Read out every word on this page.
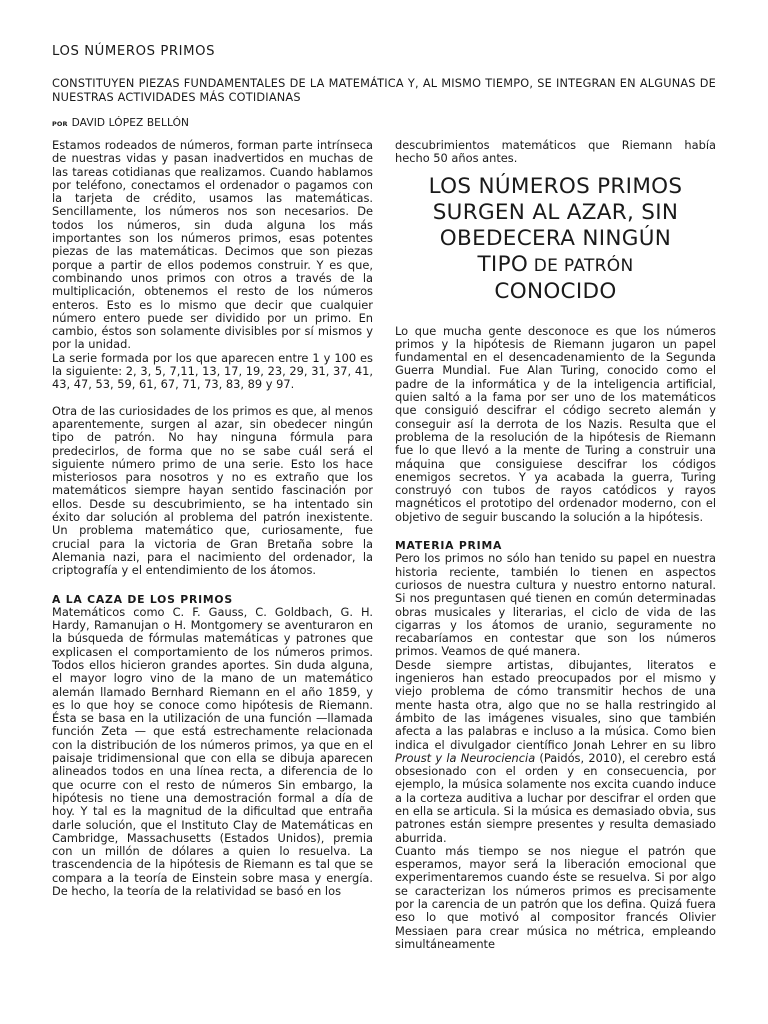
LOS NÚMEROS PRIMOS

CONSTITUYEN PIEZAS FUNDAMENTALES DE LA MATEMÁTICA Y, AL MISMO TIEMPO, SE INTEGRAN EN ALGUNAS DE NUESTRAS ACTIVIDADES MÁS COTIDIANAS

POR DAVID LÓPEZ BELLÓN

Estamos rodeados de números, forman parte intrínseca de nuestras vidas y pasan inadvertidos en muchas de las tareas cotidianas que realizamos. Cuando hablamos por teléfono, conectamos el ordenador o pagamos con la tarjeta de crédito, usamos las matemáticas. Sencillamente, los números nos son necesarios. De todos los números, sin duda alguna los más importantes son los números primos, esas potentes piezas de las matemáticas. Decimos que son piezas porque a partir de ellos podemos construir. Y es que, combinando unos primos con otros a través de la multiplicación, obtenemos el resto de los números enteros. Esto es lo mismo que decir que cualquier número entero puede ser dividido por un primo. En cambio, éstos son solamente divisibles por sí mismos y por la unidad.

La serie formada por los que aparecen entre 1 y 100 es la siguiente: 2, 3, 5, 7,11, 13, 17, 19, 23, 29, 31, 37, 41, 43, 47, 53, 59, 61, 67, 71, 73, 83, 89 y 97.

Otra de las curiosidades de los primos es que, al menos aparentemente, surgen al azar, sin obedecer ningún tipo de patrón. No hay ninguna fórmula para predecirlos, de forma que no se sabe cuál será el siguiente número primo de una serie. Esto los hace misteriosos para nosotros y no es extraño que los matemáticos siempre hayan sentido fascinación por ellos. Desde su descubrimiento, se ha intentado sin éxito dar solución al problema del patrón inexistente. Un problema matemático que, curiosamente, fue crucial para la victoria de Gran Bretaña sobre la Alemania nazi, para el nacimiento del ordenador, la criptografía y el entendimiento de los átomos.

A LA CAZA DE LOS PRIMOS

Matemáticos como C. F. Gauss, C. Goldbach, G. H. Hardy, Ramanujan o H. Montgomery se aventuraron en la búsqueda de fórmulas matemáticas y patrones que explicasen el comportamiento de los números primos. Todos ellos hicieron grandes aportes. Sin duda alguna, el mayor logro vino de la mano de un matemático alemán llamado Bernhard Riemann en el año 1859, y es lo que hoy se conoce como hipótesis de Riemann. Ésta se basa en la utilización de una función —llamada función Zeta — que está estrechamente relacionada con la distribución de los números primos, ya que en el paisaje tridimensional que con ella se dibuja aparecen alineados todos en una línea recta, a diferencia de lo que ocurre con el resto de números Sin embargo, la hipótesis no tiene una demostración formal a día de hoy. Y tal es la magnitud de la dificultad que entraña darle solución, que el Instituto Clay de Matemáticas en Cambridge, Massachusetts (Estados Unidos), premia con un millón de dólares a quien lo resuelva. La trascendencia de la hipótesis de Riemann es tal que se compara a la teoría de Einstein sobre masa y energía. De hecho, la teoría de la relatividad se basó en los

descubrimientos matemáticos que Riemann había hecho 50 años antes.

LOS NÚMEROS PRIMOS SURGEN AL AZAR, SIN OBEDECERA NINGÚN
TIPO DE PATRÓN
CONOCIDO

Lo que mucha gente desconoce es que los números primos y la hipótesis de Riemann jugaron un papel fundamental en el desencadenamiento de la Segunda Guerra Mundial. Fue Alan Turing, conocido como el padre de la informática y de la inteligencia artificial, quien saltó a la fama por ser uno de los matemáticos que consiguió descifrar el código secreto alemán y conseguir así la derrota de los Nazis. Resulta que el problema de la resolución de la hipótesis de Riemann fue lo que llevó a la mente de Turing a construir una máquina que consiguiese descifrar los códigos enemigos secretos. Y ya acabada la guerra, Turing construyó con tubos de rayos catódicos y rayos magnéticos el prototipo del ordenador moderno, con el objetivo de seguir buscando la solución a la hipótesis.

MATERIA PRIMA

Pero los primos no sólo han tenido su papel en nuestra historia reciente, también lo tienen en aspectos curiosos de nuestra cultura y nuestro entorno natural. Si nos preguntasen qué tienen en común determinadas obras musicales y literarias, el ciclo de vida de las cigarras y los átomos de uranio, seguramente no recabaríamos en contestar que son los números primos. Veamos de qué manera.

Desde siempre artistas, dibujantes, literatos e ingenieros han estado preocupados por el mismo y viejo problema de cómo transmitir hechos de una mente hasta otra, algo que no se halla restringido al ámbito de las imágenes visuales, sino que también afecta a las palabras e incluso a la música. Como bien indica el divulgador científico Jonah Lehrer en su libro Proust y la Neurociencia (Paidós, 2010), el cerebro está obsesionado con el orden y en consecuencia, por ejemplo, la música solamente nos excita cuando induce a la corteza auditiva a luchar por descifrar el orden que en ella se articula. Si la música es demasiado obvia, sus patrones están siempre presentes y resulta demasiado aburrida.

Cuanto más tiempo se nos niegue el patrón que esperamos, mayor será la liberación emocional que experimentaremos cuando éste se resuelva. Si por algo se caracterizan los números primos es precisamente por la carencia de un patrón que los defina. Quizá fuera eso lo que motivó al compositor francés Olivier Messiaen para crear música no métrica, empleando simultáneamente
